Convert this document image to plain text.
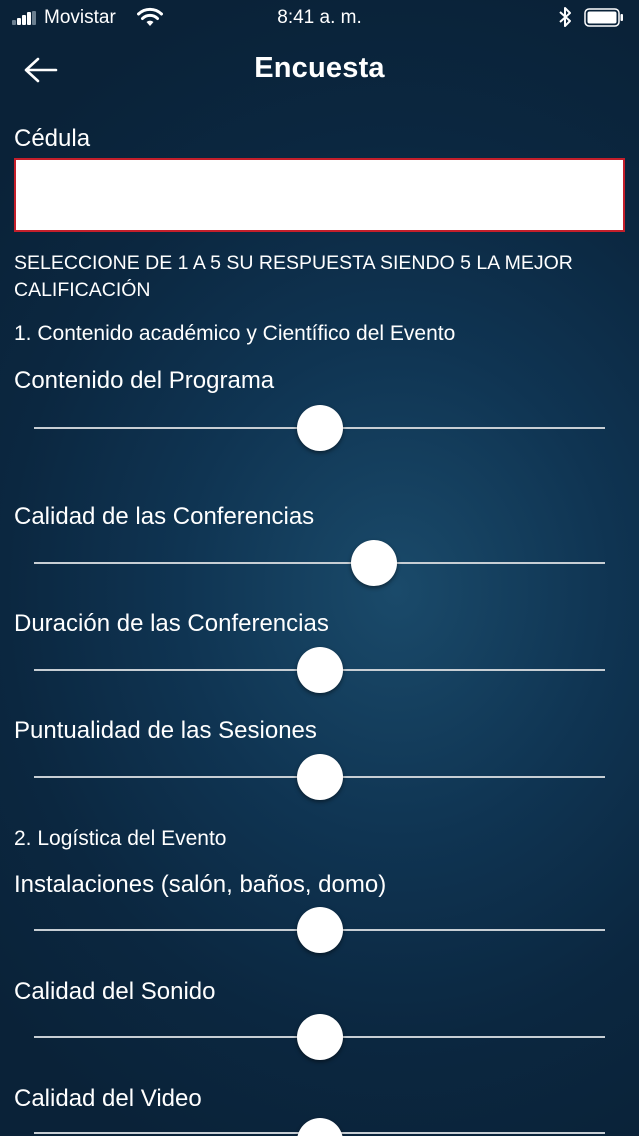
Movistar	8:41 a. m.
Encuesta
Cédula
SELECCIONE DE 1 A 5 SU RESPUESTA SIENDO 5 LA MEJOR CALIFICACIÓN
1. Contenido académico y Científico del Evento
Contenido del Programa
Calidad de las Conferencias
Duración de las Conferencias
Puntualidad de las Sesiones
2. Logística del Evento
Instalaciones (salón, baños, domo)
Calidad del Sonido
Calidad del Video
